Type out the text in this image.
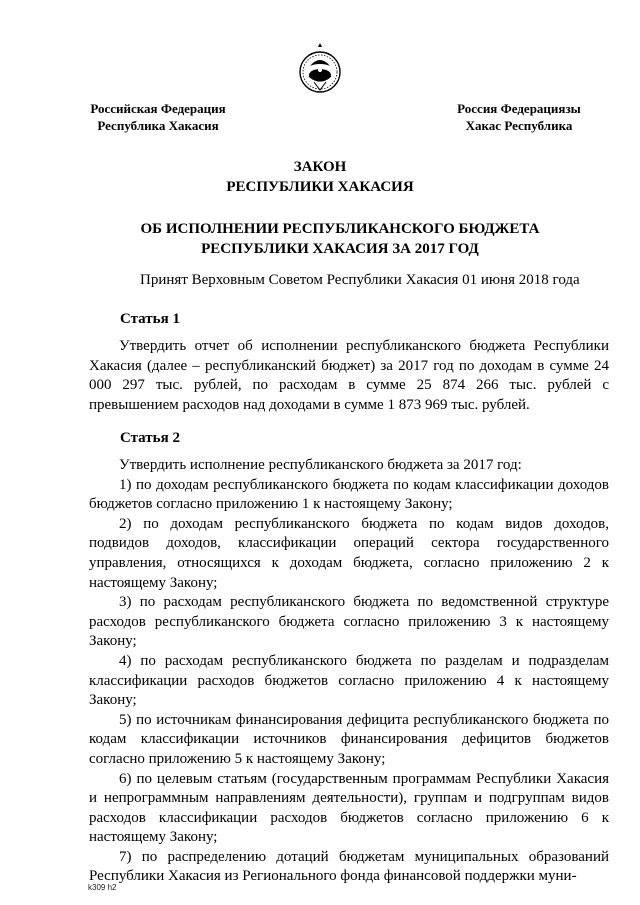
Российская Федерация
Республика Хакасия
Россия Федерациязы
Хакас Республика
ЗАКОН
РЕСПУБЛИКИ ХАКАСИЯ
ОБ ИСПОЛНЕНИИ РЕСПУБЛИКАНСКОГО БЮДЖЕТА
РЕСПУБЛИКИ ХАКАСИЯ ЗА 2017 ГОД
Принят Верховным Советом Республики Хакасия 01 июня 2018 года
Статья 1

Утвердить отчет об исполнении республиканского бюджета Республики Хакасия (далее – республиканский бюджет) за 2017 год по доходам в сумме 24 000 297 тыс. рублей, по расходам в сумме 25 874 266 тыс. рублей с превышением расходов над доходами в сумме 1 873 969 тыс. рублей.

Статья 2

Утвердить исполнение республиканского бюджета за 2017 год:

1) по доходам республиканского бюджета по кодам классификации доходов бюджетов согласно приложению 1 к настоящему Закону;

2) по доходам республиканского бюджета по кодам видов доходов, подвидов доходов, классификации операций сектора государственного управления, относящихся к доходам бюджета, согласно приложению 2 к настоящему Закону;

3) по расходам республиканского бюджета по ведомственной структуре расходов республиканского бюджета согласно приложению 3 к настоящему Закону;

4) по расходам республиканского бюджета по разделам и подразделам классификации расходов бюджетов согласно приложению 4 к настоящему Закону;

5) по источникам финансирования дефицита республиканского бюджета по кодам классификации источников финансирования дефицитов бюджетов согласно приложению 5 к настоящему Закону;

6) по целевым статьям (государственным программам Республики Хакасия и непрограммным направлениям деятельности), группам и подгруппам видов расходов классификации расходов бюджетов согласно приложению 6 к настоящему Закону;

7) по распределению дотаций бюджетам муниципальных образований Республики Хакасия из Регионального фонда финансовой поддержки муни-

k309 h2
